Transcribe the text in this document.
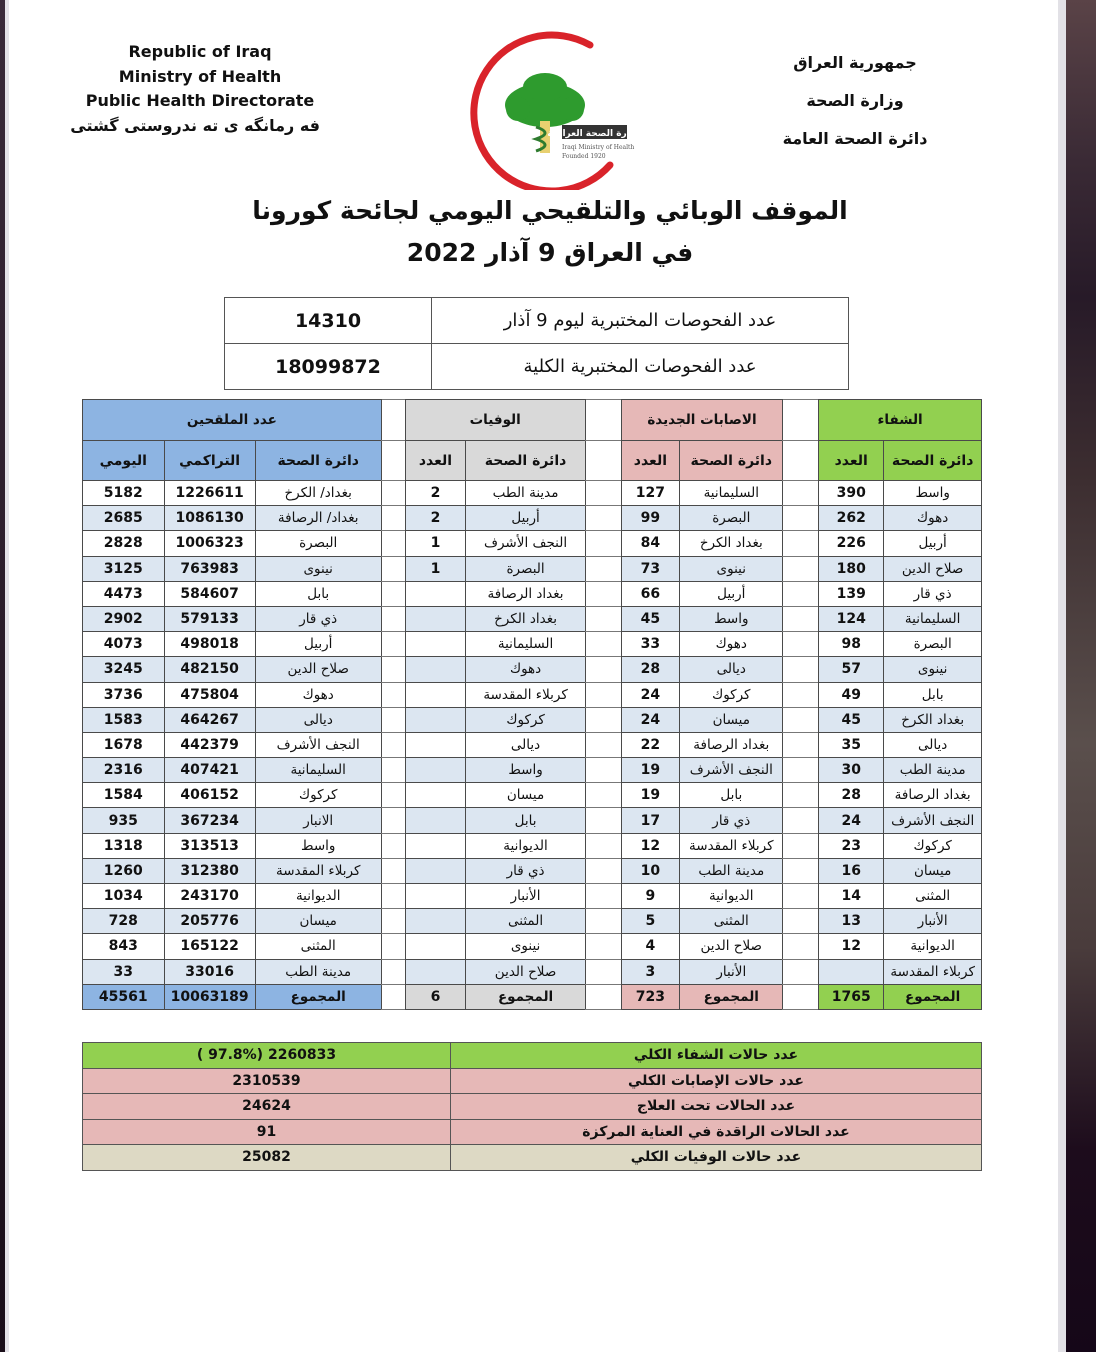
Republic of Iraq
Ministry of Health
Public Health Directorate
فه رمانگه ى ته ندروستى گشتى	وزارة الصحة العراقية
Iraqi Ministry of Health
Founded 1920
جمهورية العراق
وزارة الصحة
دائرة الصحة العامة
الموقف الوبائي والتلقيحي اليومي لجائحة كورونا
في العراق 9 آذار 2022
عدد الفحوصات المختبرية ليوم 9 آذار	14310
عدد الفحوصات المختبرية الكلية	18099872
الشفاء			الاصابات الجديدة			الوفيات			عدد الملقحين		
دائرة الصحة	العدد		دائرة الصحة	العدد		دائرة الصحة	العدد		دائرة الصحة	التراكمي	اليومي
واسط	390		السليمانية	127		مدينة الطب	2		بغداد/ الكرخ	1226611	5182
دهوك	262		البصرة	99		أربيل	2		بغداد/ الرصافة	1086130	2685
أربيل	226		بغداد الكرخ	84		النجف الأشرف	1		البصرة	1006323	2828
صلاح الدين	180		نينوى	73		البصرة	1		نينوى	763983	3125
ذي قار	139		أربيل	66		بغداد الرصافة			بابل	584607	4473
السليمانية	124		واسط	45		بغداد الكرخ			ذي قار	579133	2902
البصرة	98		دهوك	33		السليمانية			أربيل	498018	4073
نينوى	57		ديالى	28		دهوك			صلاح الدين	482150	3245
بابل	49		كركوك	24		كربلاء المقدسة			دهوك	475804	3736
بغداد الكرخ	45		ميسان	24		كركوك			ديالى	464267	1583
ديالى	35		بغداد الرصافة	22		ديالى			النجف الأشرف	442379	1678
مدينة الطب	30		النجف الأشرف	19		واسط			السليمانية	407421	2316
بغداد الرصافة	28		بابل	19		ميسان			كركوك	406152	1584
النجف الأشرف	24		ذي قار	17		بابل			الانبار	367234	935
كركوك	23		كربلاء المقدسة	12		الديوانية			واسط	313513	1318
ميسان	16		مدينة الطب	10		ذي قار			كربلاء المقدسة	312380	1260
المثنى	14		الديوانية	9		الأنبار			الديوانية	243170	1034
الأنبار	13		المثنى	5		المثنى			ميسان	205776	728
الديوانية	12		صلاح الدين	4		نينوى			المثنى	165122	843
كربلاء المقدسة			الأنبار	3		صلاح الدين			مدينة الطب	33016	33
المجموع	1765		المجموع	723		المجموع	6		المجموع	10063189	45561
عدد حالات الشفاء الكلي	( 97.8%) 2260833
عدد حالات الإصابات الكلي	2310539
عدد الحالات تحت العلاج	24624
عدد الحالات الراقدة في العناية المركزة	91
عدد حالات الوفيات الكلي	25082
